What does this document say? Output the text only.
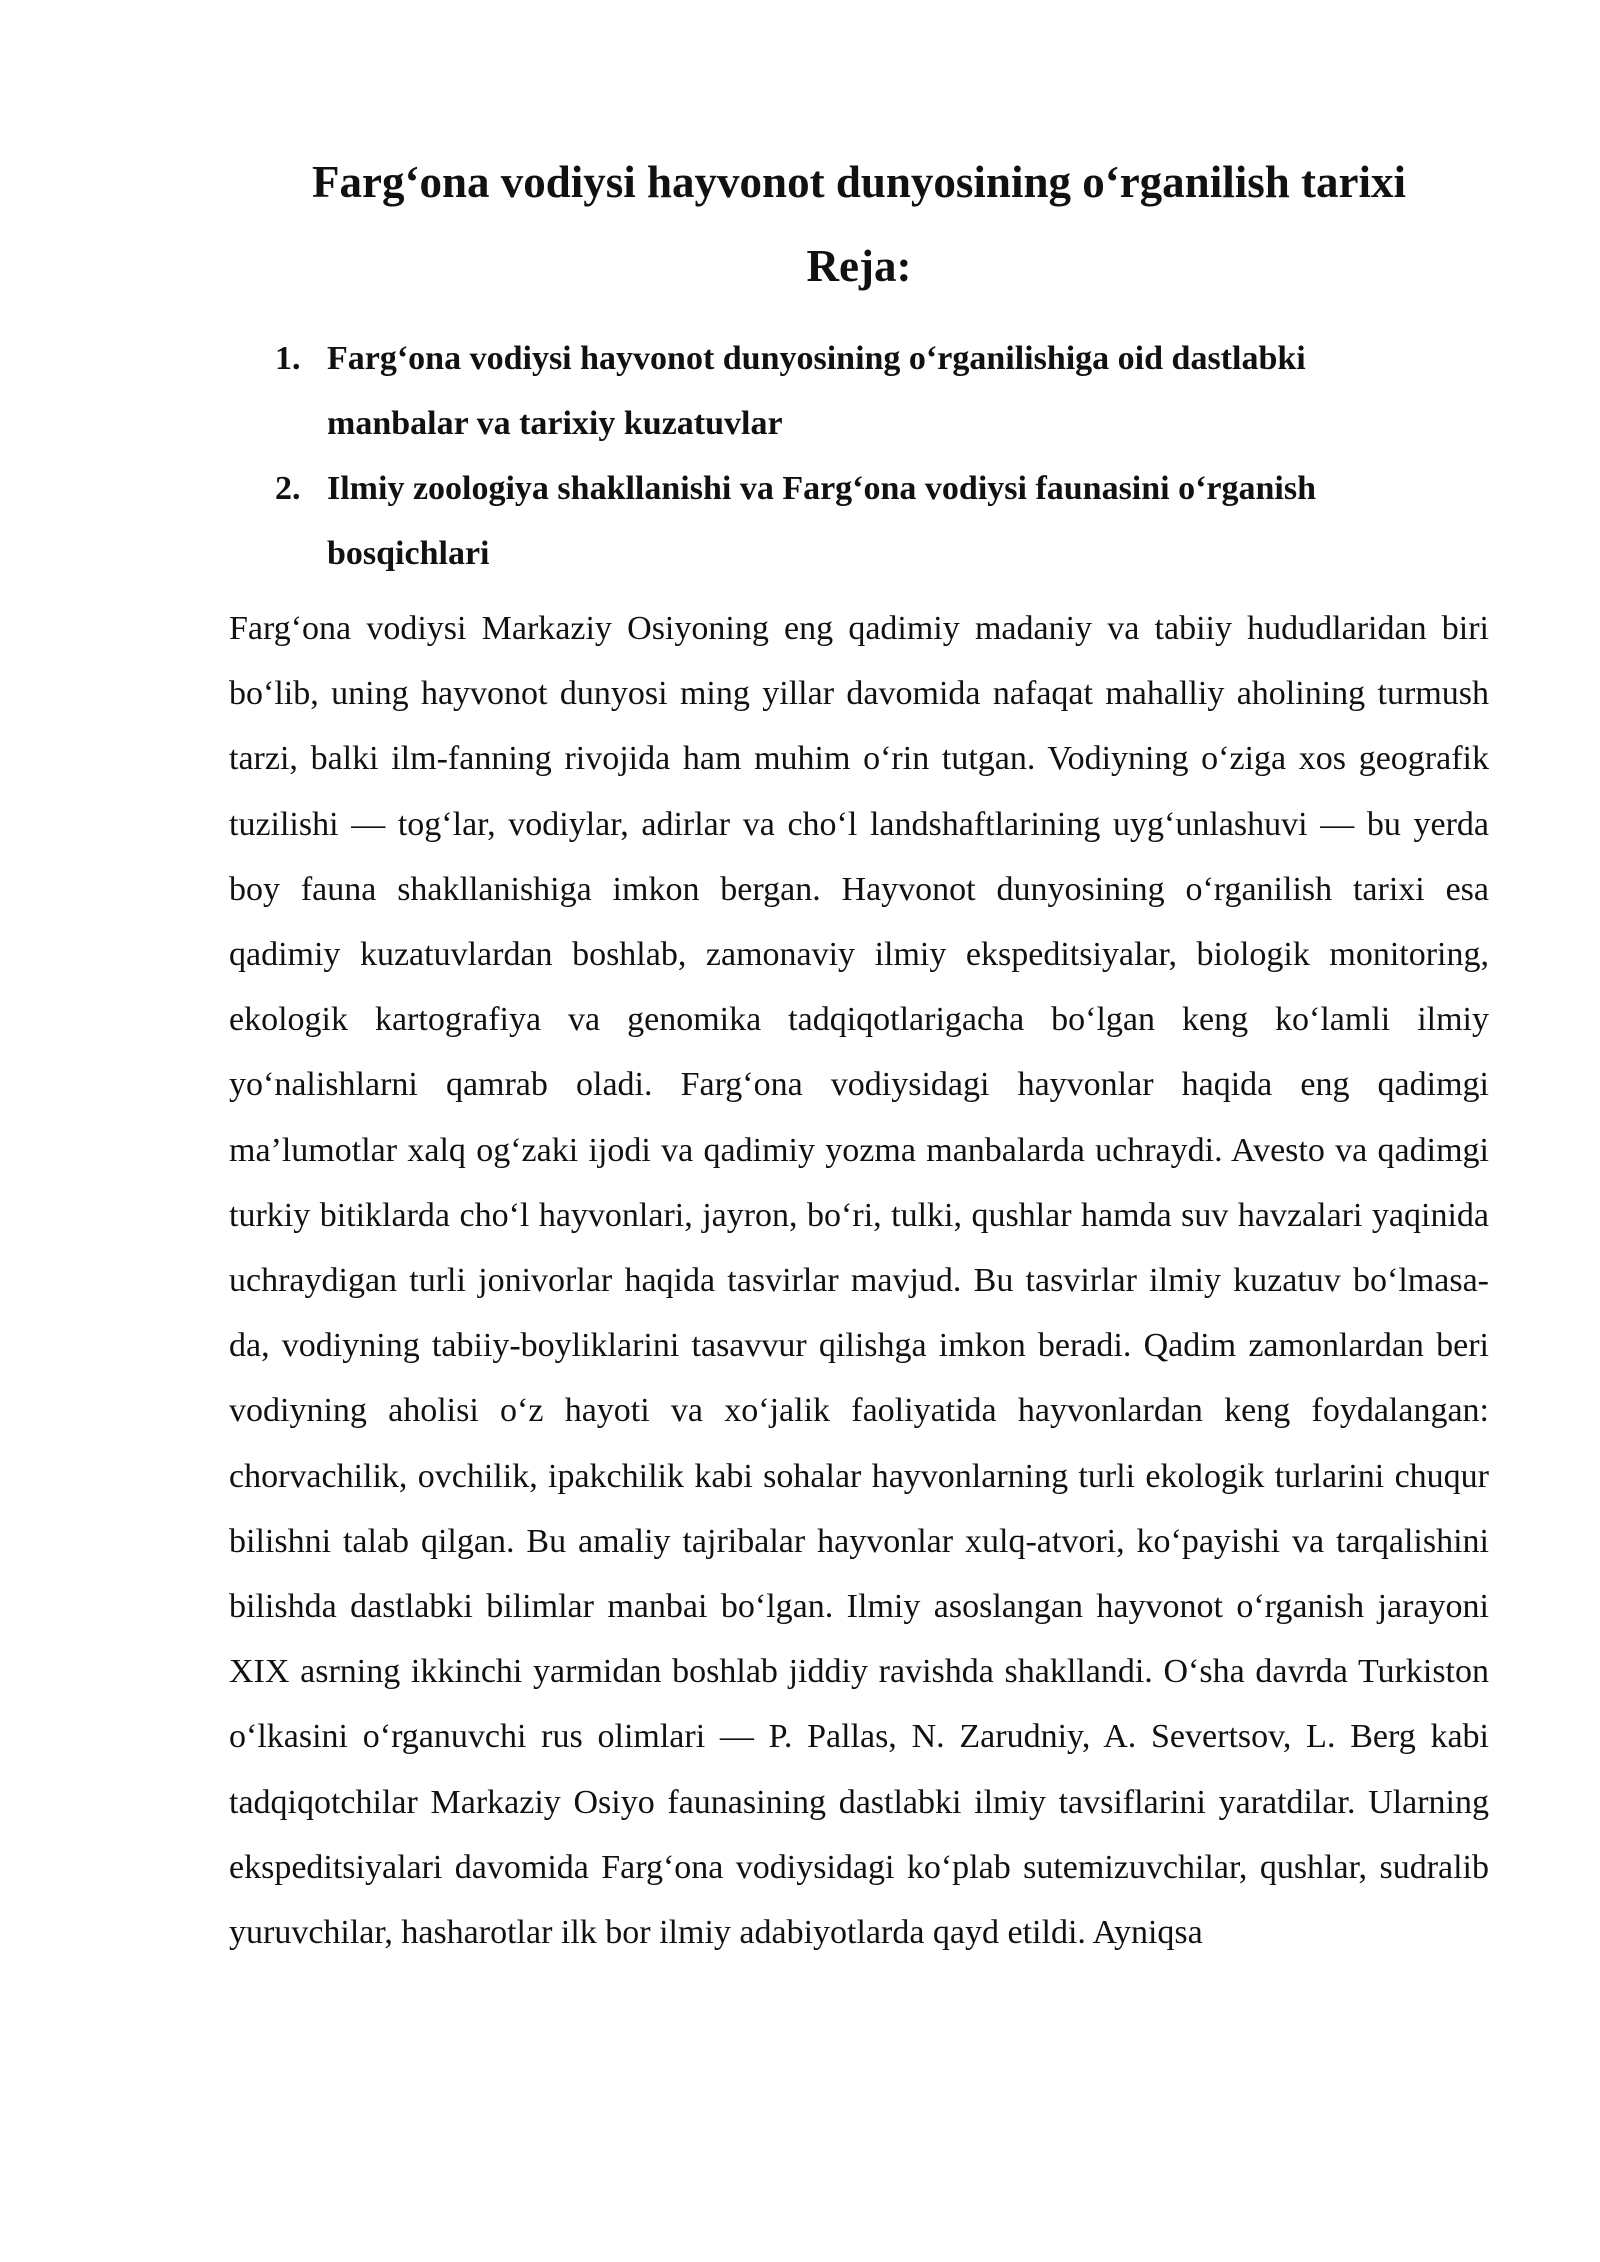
Farg‘ona vodiysi hayvonot dunyosining o‘rganilish tarixi
Reja:
1. Farg‘ona vodiysi hayvonot dunyosining o‘rganilishiga oid dastlabki manbalar va tarixiy kuzatuvlar
2. Ilmiy zoologiya shakllanishi va Farg‘ona vodiysi faunasini o‘rganish bosqichlari

Farg‘ona vodiysi Markaziy Osiyoning eng qadimiy madaniy va tabiiy hududlaridan biri bo‘lib, uning hayvonot dunyosi ming yillar davomida nafaqat mahalliy aholining turmush tarzi, balki ilm-fanning rivojida ham muhim o‘rin tutgan. Vodiyning o‘ziga xos geografik tuzilishi — tog‘lar, vodiylar, adirlar va cho‘l landshaftlarining uyg‘unlashuvi — bu yerda boy fauna shakllanishiga imkon bergan. Hayvonot dunyosining o‘rganilish tarixi esa qadimiy kuzatuvlardan boshlab, zamonaviy ilmiy ekspeditsiyalar, biologik monitoring, ekologik kartografiya va genomika tadqiqotlarigacha bo‘lgan keng ko‘lamli ilmiy yo‘nalishlarni qamrab oladi. Farg‘ona vodiysidagi hayvonlar haqida eng qadimgi ma’lumotlar xalq og‘zaki ijodi va qadimiy yozma manbalarda uchraydi. Avesto va qadimgi turkiy bitiklarda cho‘l hayvonlari, jayron, bo‘ri, tulki, qushlar hamda suv havzalari yaqinida uchraydigan turli jonivorlar haqida tasvirlar mavjud. Bu tasvirlar ilmiy kuzatuv bo‘lmasa-da, vodiyning tabiiy-boyliklarini tasavvur qilishga imkon beradi. Qadim zamonlardan beri vodiyning aholisi o‘z hayoti va xo‘jalik faoliyatida hayvonlardan keng foydalangan: chorvachilik, ovchilik, ipakchilik kabi sohalar hayvonlarning turli ekologik turlarini chuqur bilishni talab qilgan. Bu amaliy tajribalar hayvonlar xulq-atvori, ko‘payishi va tarqalishini bilishda dastlabki bilimlar manbai bo‘lgan. Ilmiy asoslangan hayvonot o‘rganish jarayoni XIX asrning ikkinchi yarmidan boshlab jiddiy ravishda shakllandi. O‘sha davrda Turkiston o‘lkasini o‘rganuvchi rus olimlari — P. Pallas, N. Zarudniy, A. Severtsov, L. Berg kabi tadqiqotchilar Markaziy Osiyo faunasining dastlabki ilmiy tavsiflarini yaratdilar. Ularning ekspeditsiyalari davomida Farg‘ona vodiysidagi ko‘plab sutemizuvchilar, qushlar, sudralib yuruvchilar, hasharotlar ilk bor ilmiy adabiyotlarda qayd etildi. Ayniqsa
